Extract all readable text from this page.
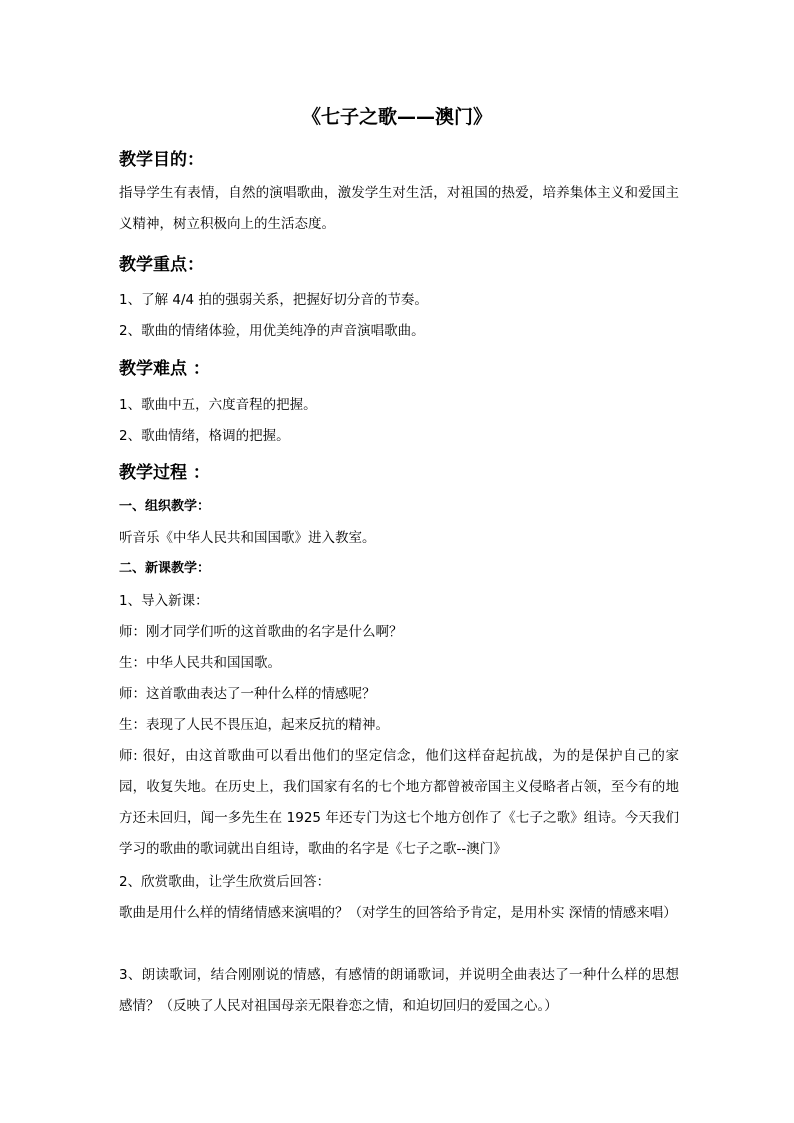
《七子之歌——澳门》
教学目的：
指导学生有表情，自然的演唱歌曲，激发学生对生活，对祖国的热爱，培养集体主义和爱国主义精神，树立积极向上的生活态度。
教学重点：
1、了解 4/4 拍的强弱关系，把握好切分音的节奏。
2、歌曲的情绪体验，用优美纯净的声音演唱歌曲。
教学难点 ：
1、歌曲中五，六度音程的把握。
2、歌曲情绪，格调的把握。
教学过程 ：
一、组织教学：
听音乐《中华人民共和国国歌》进入教室。
二、新课教学：
1、导入新课：
师：刚才同学们听的这首歌曲的名字是什么啊？
生：中华人民共和国国歌。
师：这首歌曲表达了一种什么样的情感呢？
生：表现了人民不畏压迫，起来反抗的精神。
师: 很好，由这首歌曲可以看出他们的坚定信念，他们这样奋起抗战，为的是保护自己的家园，收复失地。在历史上，我们国家有名的七个地方都曾被帝国主义侵略者占领，至今有的地方还未回归，闻一多先生在 1925 年还专门为这七个地方创作了《七子之歌》组诗。今天我们学习的歌曲的歌词就出自组诗，歌曲的名字是《七子之歌--澳门》
2、欣赏歌曲，让学生欣赏后回答：
歌曲是用什么样的情绪情感来演唱的？（对学生的回答给予肯定，是用朴实 深情的情感来唱）
3、朗读歌词，结合刚刚说的情感，有感情的朗诵歌词，并说明全曲表达了一种什么样的思想感情？（反映了人民对祖国母亲无限眷恋之情，和迫切回归的爱国之心。）
